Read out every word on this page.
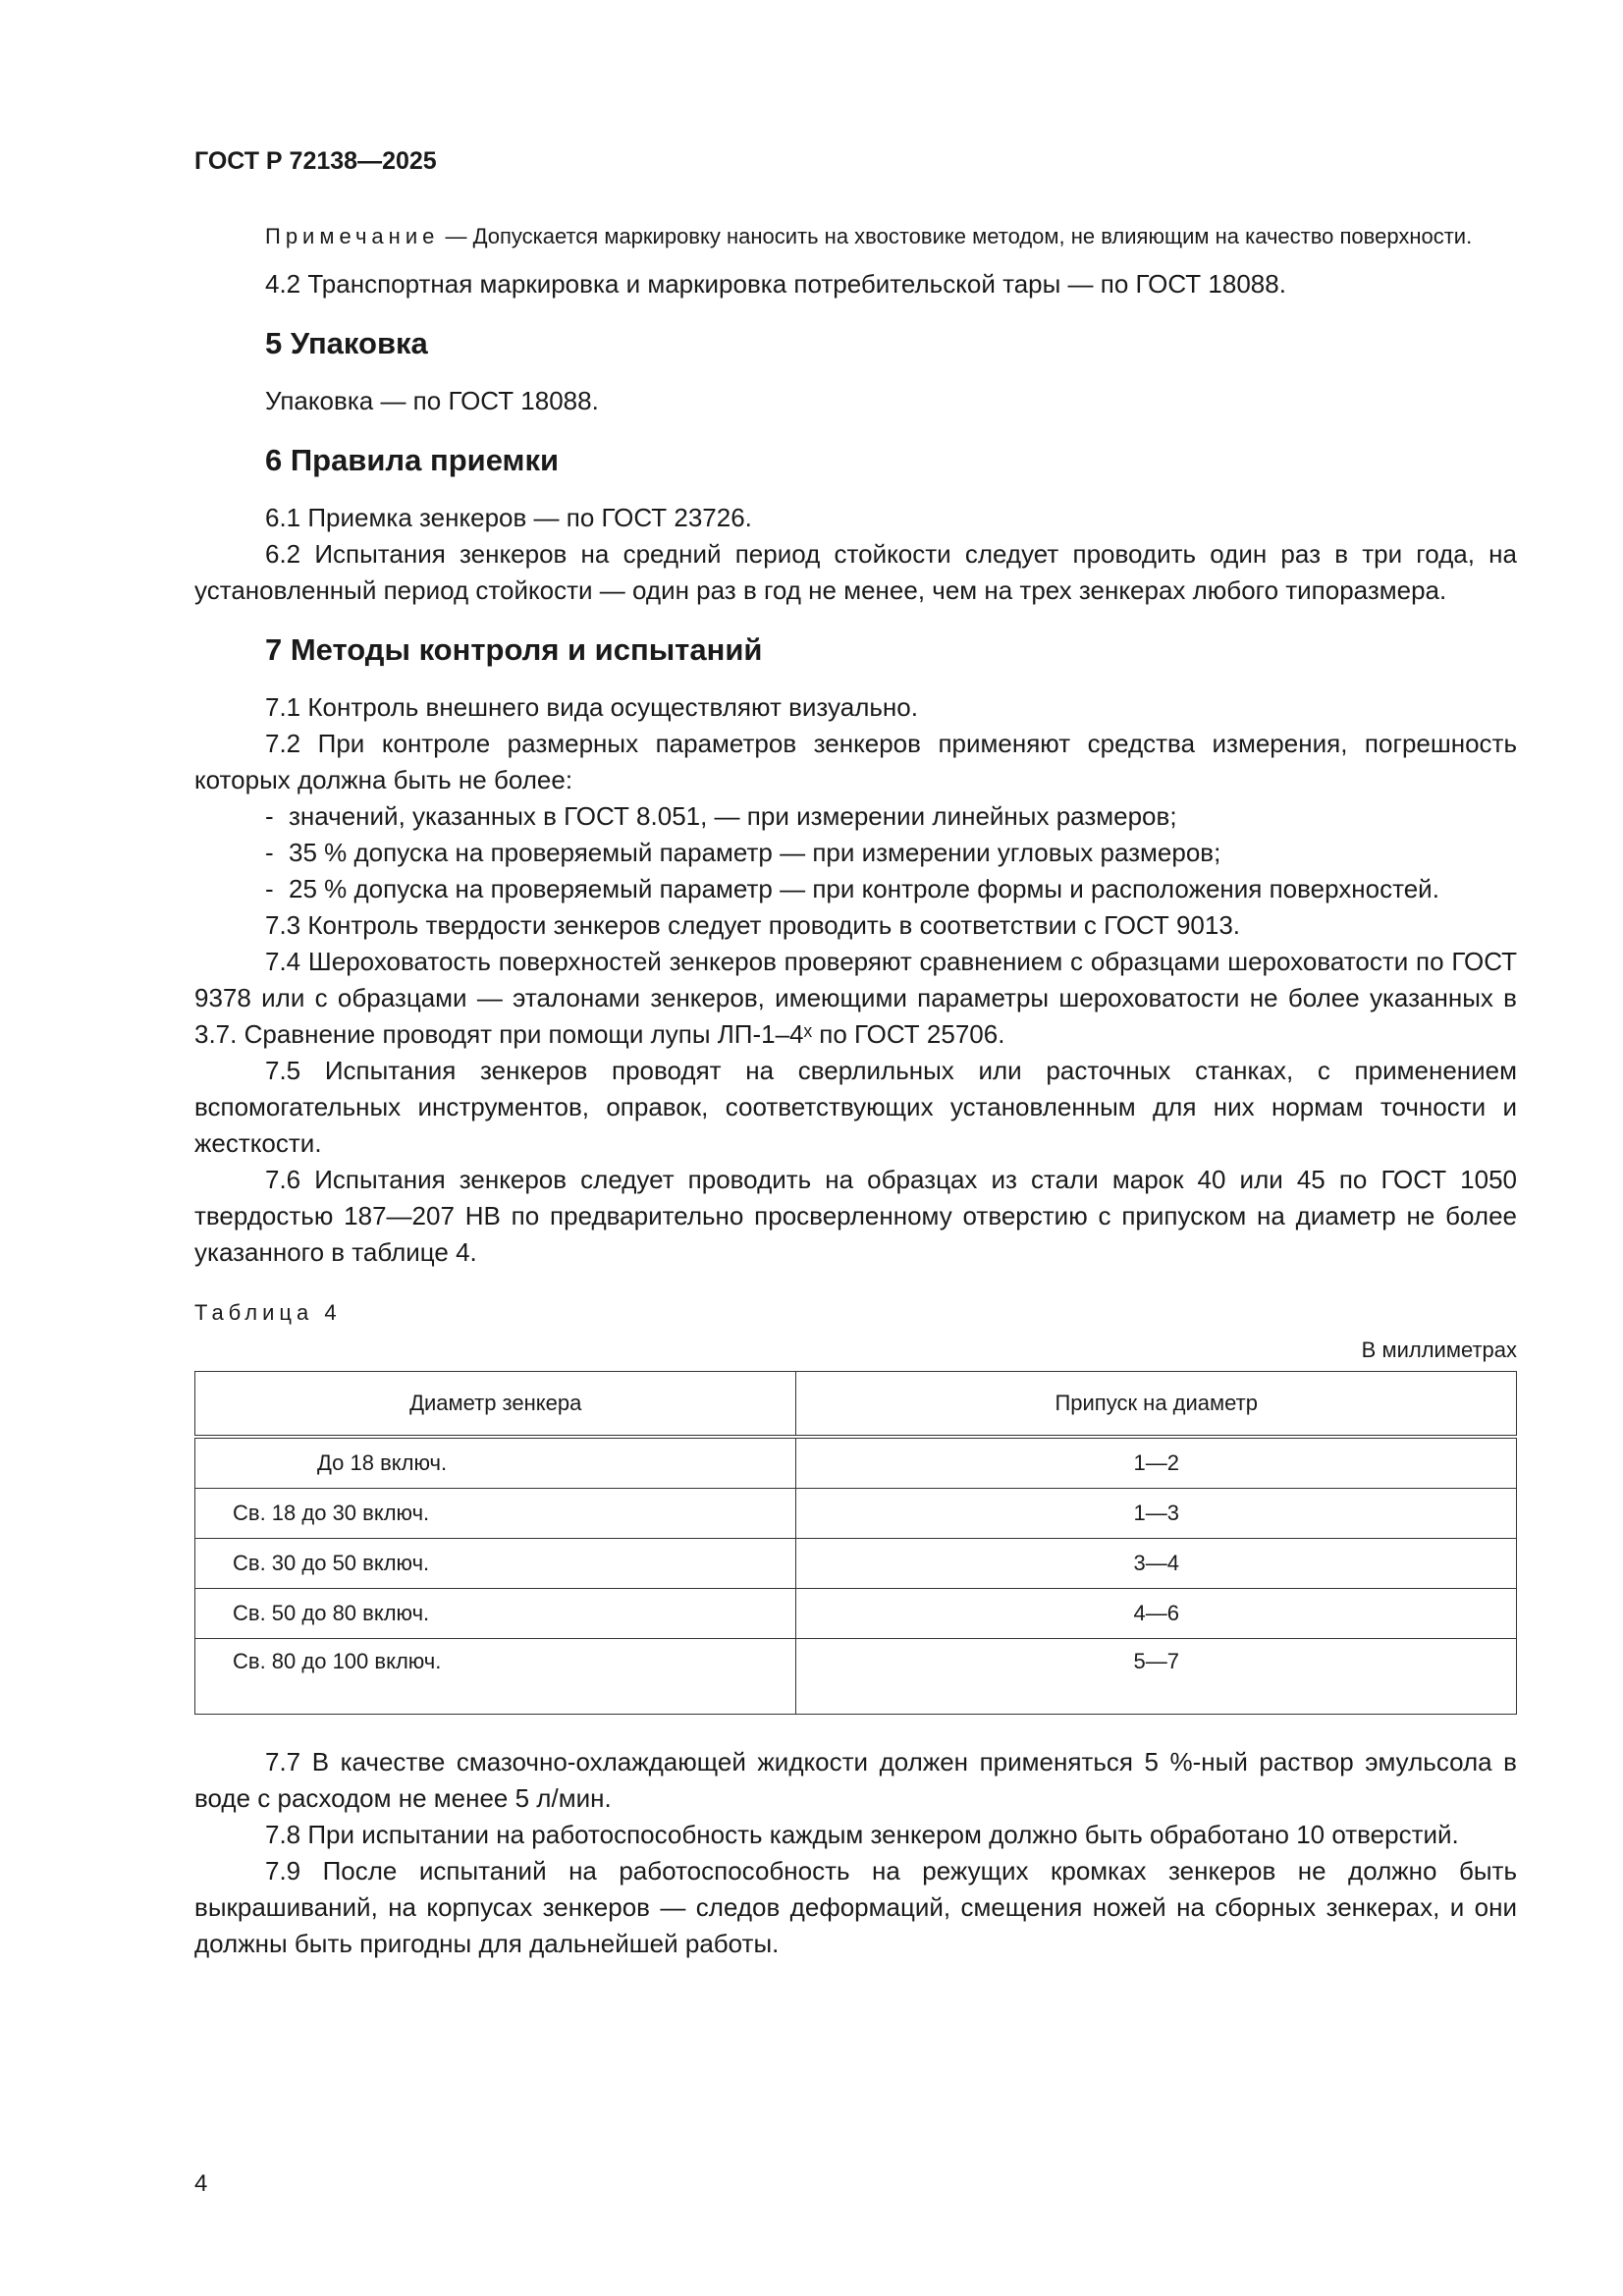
ГОСТ Р 72138—2025
Примечание — Допускается маркировку наносить на хвостовике методом, не влияющим на качество поверхности.

4.2 Транспортная маркировка и маркировка потребительской тары — по ГОСТ 18088.

5 Упаковка

Упаковка — по ГОСТ 18088.

6 Правила приемки

6.1 Приемка зенкеров — по ГОСТ 23726.

6.2 Испытания зенкеров на средний период стойкости следует проводить один раз в три года, на установленный период стойкости — один раз в год не менее, чем на трех зенкерах любого типоразмера.

7 Методы контроля и испытаний

7.1 Контроль внешнего вида осуществляют визуально.

7.2 При контроле размерных параметров зенкеров применяют средства измерения, погрешность которых должна быть не более:

- значений, указанных в ГОСТ 8.051, — при измерении линейных размеров;
- 35 % допуска на проверяемый параметр — при измерении угловых размеров;
- 25 % допуска на проверяемый параметр — при контроле формы и расположения поверхностей.

7.3 Контроль твердости зенкеров следует проводить в соответствии с ГОСТ 9013.

7.4 Шероховатость поверхностей зенкеров проверяют сравнением с образцами шероховатости по ГОСТ 9378 или с образцами — эталонами зенкеров, имеющими параметры шероховатости не более указанных в 3.7. Сравнение проводят при помощи лупы ЛП-1–4ˣ по ГОСТ 25706.

7.5 Испытания зенкеров проводят на сверлильных или расточных станках, с применением вспомогательных инструментов, оправок, соответствующих установленным для них нормам точности и жесткости.

7.6 Испытания зенкеров следует проводить на образцах из стали марок 40 или 45 по ГОСТ 1050 твердостью 187—207 НВ по предварительно просверленному отверстию с припуском на диаметр не более указанного в таблице 4.

Таблица 4
В миллиметрах
Диаметр зенкера	Припуск на диаметр
До 18 включ.	1—2
Св. 18 до 30 включ.	1—3
Св. 30 до 50 включ.	3—4
Св. 50 до 80 включ.	4—6
Св. 80 до 100 включ.	5—7

7.7 В качестве смазочно-охлаждающей жидкости должен применяться 5 %-ный раствор эмульсола в воде с расходом не менее 5 л/мин.

7.8 При испытании на работоспособность каждым зенкером должно быть обработано 10 отверстий.

7.9 После испытаний на работоспособность на режущих кромках зенкеров не должно быть выкрашиваний, на корпусах зенкеров — следов деформаций, смещения ножей на сборных зенкерах, и они должны быть пригодны для дальнейшей работы.

4
